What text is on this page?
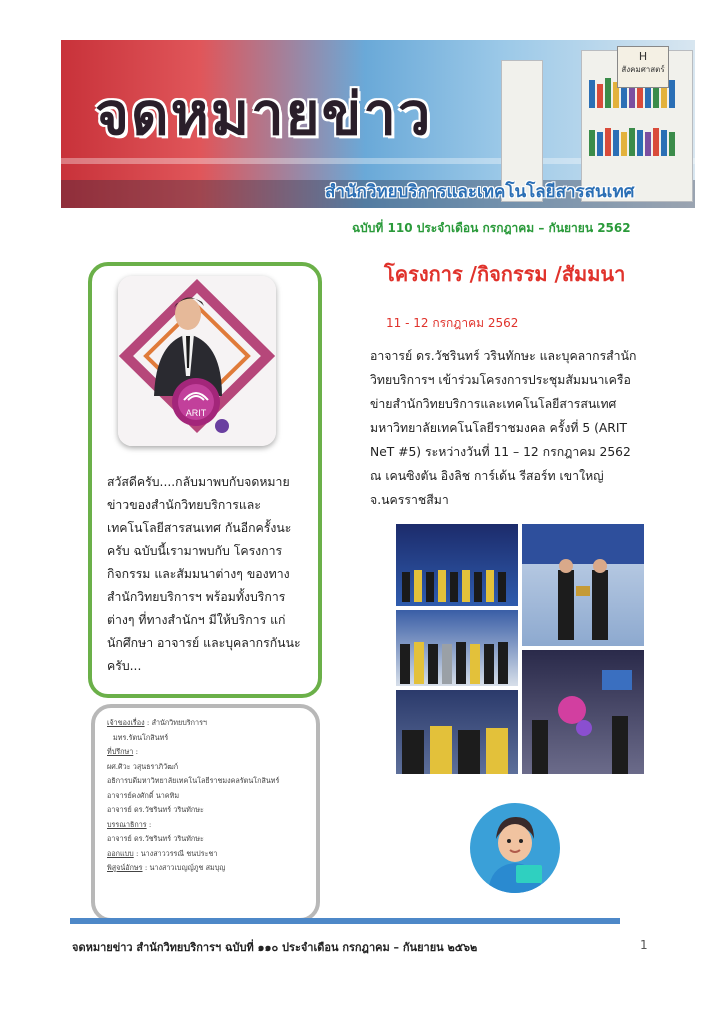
H
สังคมศาสตร์
จดหมายข่าว
สำนักวิทยบริการและเทคโนโลยีสารสนเทศ
ฉบับที่ 110 ประจำเดือน กรกฎาคม – กันยายน 2562
ARIT
สวัสดีครับ....กลับมาพบกับจดหมายข่าวของสำนักวิทยบริการและเทคโนโลยีสารสนเทศ กันอีกครั้งนะครับ ฉบับนี้เรามาพบกับ โครงการ กิจกรรม และสัมมนาต่างๆ ของทางสำนักวิทยบริการฯ พร้อมทั้งบริการต่างๆ ที่ทางสำนักฯ มีให้บริการ แก่นักศึกษา อาจารย์ และบุคลากรกันนะครับ...
เจ้าของเรื่อง : สำนักวิทยบริการฯ
มทร.รัตนโกสินทร์
ที่ปรึกษา :
ผศ.ศิวะ วสุนธราภิวัฒก์
อธิการบดีมหาวิทยาลัยเทคโนโลยีราชมงคลรัตนโกสินทร์
อาจารย์คงศักดิ์ นาคทิม
อาจารย์ ดร.วัชรินทร์ วรินทักษะ
บรรณาธิการ :
อาจารย์ ดร.วัชรินทร์ วรินทักษะ
ออกแบบ : นางสาววรรณี ชนประชา
พิสูจน์อักษร : นางสาวเบญญ์ภูช สมบุญ
โครงการ /กิจกรรม /สัมมนา
11 - 12 กรกฎาคม 2562
อาจารย์ ดร.วัชรินทร์ วรินทักษะ และบุคลากรสำนักวิทยบริการฯ เข้าร่วมโครงการประชุมสัมมนาเครือข่ายสำนักวิทยบริการและเทคโนโลยีสารสนเทศ มหาวิทยาลัยเทคโนโลยีราชมงคล ครั้งที่ 5 (ARIT NeT #5) ระหว่างวันที่ 11 – 12 กรกฎาคม 2562 ณ เคนซิงตัน อิงลิช การ์เด้น รีสอร์ท เขาใหญ่ จ.นครราชสีมา
จดหมายข่าว สำนักวิทยบริการฯ ฉบับที่ ๑๑๐ ประจำเดือน กรกฎาคม – กันยายน ๒๕๖๒	1
